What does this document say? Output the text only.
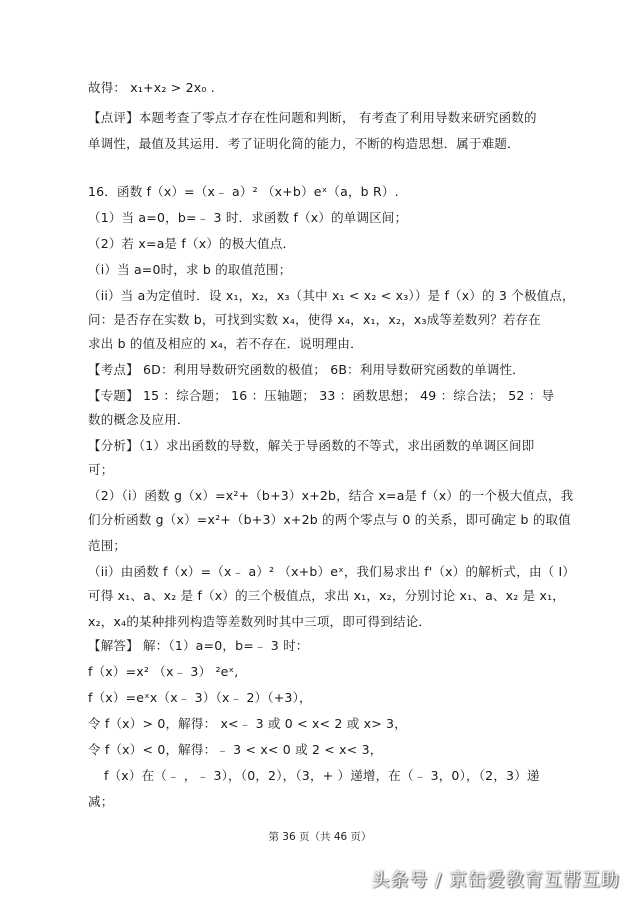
故得： x₁+x₂ > 2x₀ .
【点评】本题考查了零点才存在性问题和判断， 有考查了利用导数来研究函数的
单调性，最值及其运用．考了证明化简的能力，不断的构造思想．属于难题．
16．函数 f（x）=（x﹣ a）² （x+b）eˣ（a，b R）.
（1）当 a=0，b=﹣ 3 时．求函数 f（x）的单调区间；
（2）若 x=a是 f（x）的极大值点．
（i）当 a=0时，求 b 的取值范围；
（ii）当 a为定值时．设 x₁，x₂，x₃（其中 x₁ < x₂ < x₃））是 f（x）的 3 个极值点，
问：是否存在实数 b，可找到实数 x₄，使得 x₄，x₁，x₂，x₃成等差数列？若存在
求出 b 的值及相应的 x₄，若不存在．说明理由．
【考点】 6D：利用导数研究函数的极值； 6B：利用导数研究函数的单调性．
【专题】 15 ：综合题； 16 ：压轴题； 33 ：函数思想； 49 ：综合法； 52 ：导
数的概念及应用．
【分析】（1）求出函数的导数，解关于导函数的不等式，求出函数的单调区间即
可；
（2）（i）函数 g（x）=x²+（b+3）x+2b，结合 x=a是 f（x）的一个极大值点，我
们分析函数 g（x）=x²+（b+3）x+2b 的两个零点与 0 的关系，即可确定 b 的取值
范围；
（ii）由函数 f（x）=（x﹣ a）² （x+b）eˣ，我们易求出 f'（x）的解析式，由（ I）
可得 x₁、a、x₂ 是 f（x）的三个极值点，求出 x₁，x₂，分别讨论 x₁、a、x₂ 是 x₁，
x₂，x₄的某种排列构造等差数列时其中三项，即可得到结论．
【解答】 解：（1）a=0，b=﹣ 3 时：
f（x）=x² （x﹣ 3） ²eˣ,
f（x）=eˣx（x﹣ 3）（x﹣ 2）（+3），
令 f（x）> 0，解得： x<﹣ 3 或 0 < x< 2 或 x> 3，
令 f（x）< 0，解得：﹣ 3 < x< 0 或 2 < x< 3，
f（x）在（﹣ ，﹣ 3），（0，2），（3，+ ）递增，在（﹣ 3，0），（2，3）递
减；
第 36 页（共 46 页）
头条号 / 京缶爱教育互帮互助
